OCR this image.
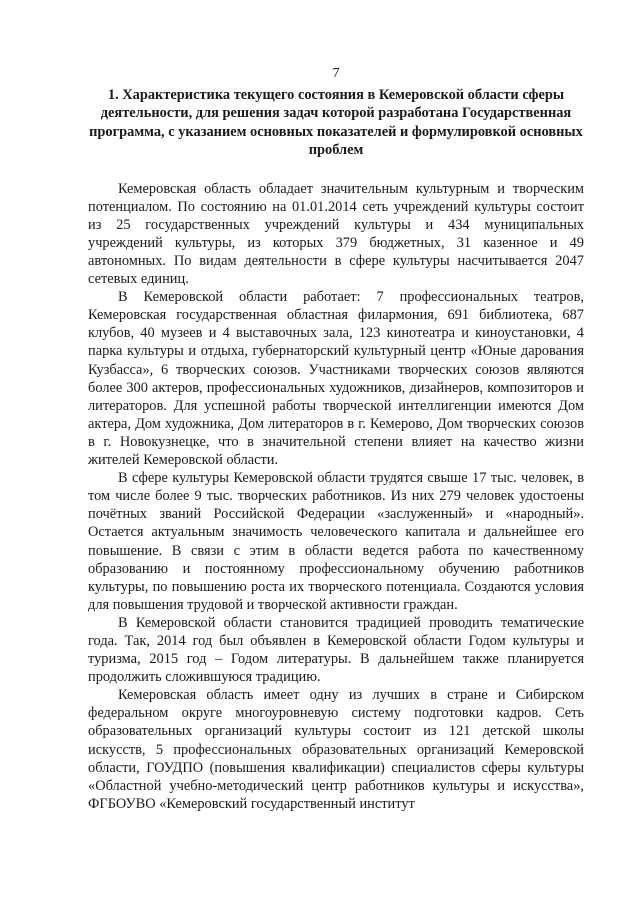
7
1. Характеристика текущего состояния в Кемеровской области сферы деятельности, для решения задач которой разработана Государственная программа, с указанием основных показателей и формулировкой основных проблем

Кемеровская область обладает значительным культурным и творческим потенциалом. По состоянию на 01.01.2014 сеть учреждений культуры состоит из 25 государственных учреждений культуры и 434 муниципальных учреждений культуры, из которых 379 бюджетных, 31 казенное и 49 автономных. По видам деятельности в сфере культуры насчитывается 2047 сетевых единиц.

В Кемеровской области работает: 7 профессиональных театров, Кемеровская государственная областная филармония, 691 библиотека, 687 клубов, 40 музеев и 4 выставочных зала, 123 кинотеатра и киноустановки, 4 парка культуры и отдыха, губернаторский культурный центр «Юные дарования Кузбасса», 6 творческих союзов. Участниками творческих союзов являются более 300 актеров, профессиональных художников, дизайнеров, композиторов и литераторов. Для успешной работы творческой интеллигенции имеются Дом актера, Дом художника, Дом литераторов в г. Кемерово, Дом творческих союзов в г. Новокузнецке, что в значительной степени влияет на качество жизни жителей Кемеровской области.

В сфере культуры Кемеровской области трудятся свыше 17 тыс. человек, в том числе более 9 тыс. творческих работников. Из них 279 человек удостоены почётных званий Российской Федерации «заслуженный» и «народный». Остается актуальным значимость человеческого капитала и дальнейшее его повышение. В связи с этим в области ведется работа по качественному образованию и постоянному профессиональному обучению работников культуры, по повышению роста их творческого потенциала. Создаются условия для повышения трудовой и творческой активности граждан.

В Кемеровской области становится традицией проводить тематические года. Так, 2014 год был объявлен в Кемеровской области Годом культуры и туризма, 2015 год – Годом литературы. В дальнейшем также планируется продолжить сложившуюся традицию.

Кемеровская область имеет одну из лучших в стране и Сибирском федеральном округе многоуровневую систему подготовки кадров. Сеть образовательных организаций культуры состоит из 121 детской школы искусств, 5 профессиональных образовательных организаций Кемеровской области, ГОУДПО (повышения квалификации) специалистов сферы культуры «Областной учебно-методический центр работников культуры и искусства», ФГБОУВО «Кемеровский государственный институт
